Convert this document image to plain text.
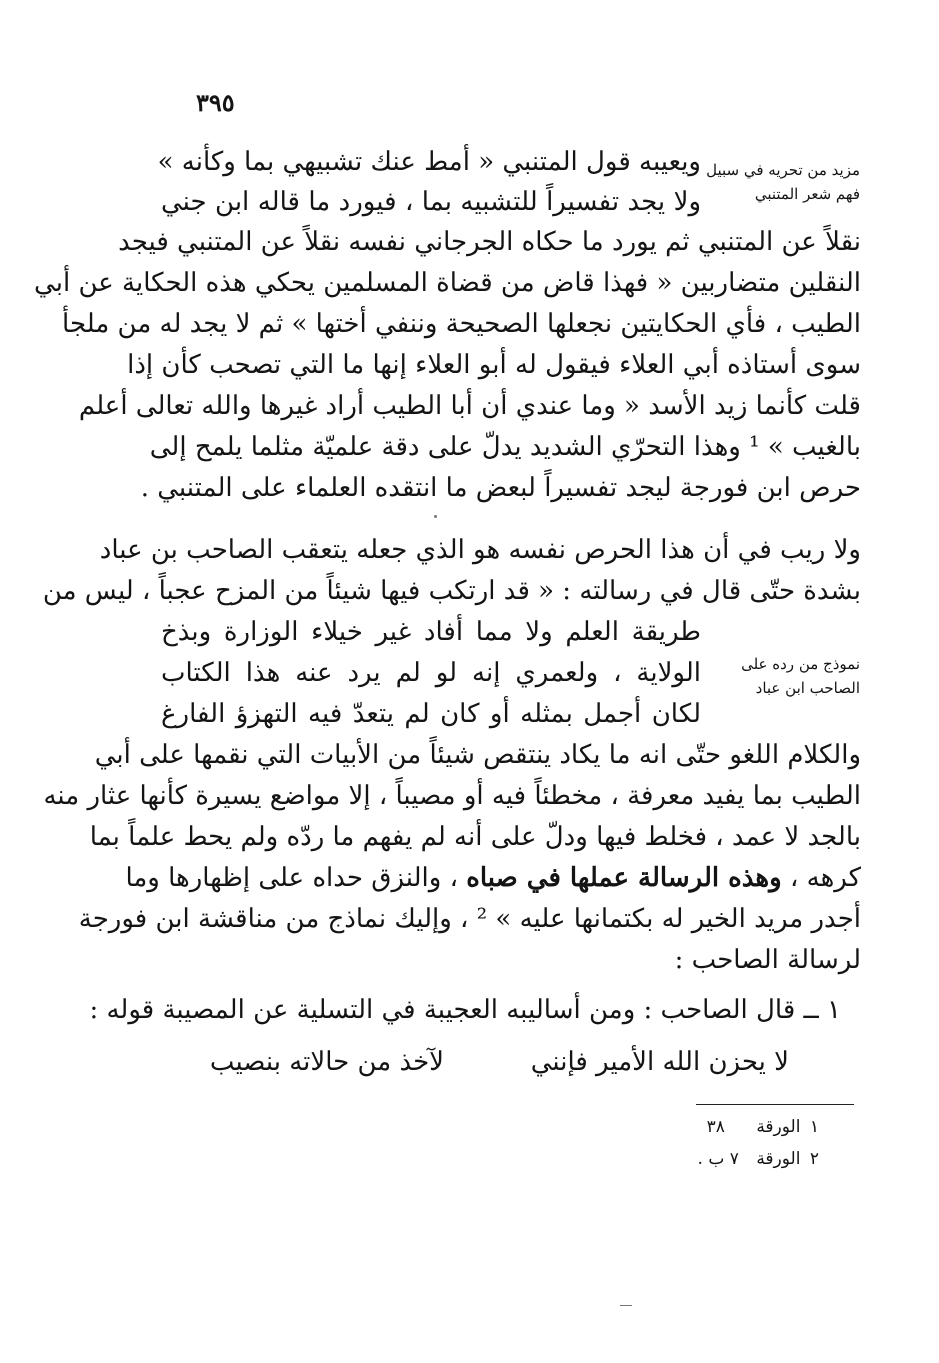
٣٩٥
مزيد من تحريه في سبيل
فهم شعر المتنبي
ويعيبه قول المتنبي « أمط عنك تشبيهي بما وكأنه »
ولا يجد تفسيراً للتشبيه بما ، فيورد ما قاله ابن جني
نقلاً عن المتنبي ثم يورد ما حكاه الجرجاني نفسه نقلاً عن المتنبي فيجد
النقلين متضاربين « فهذا قاض من قضاة المسلمين يحكي هذه الحكاية عن أبي
الطيب ، فأي الحكايتين نجعلها الصحيحة وننفي أختها » ثم لا يجد له من ملجأ
سوى أستاذه أبي العلاء فيقول له أبو العلاء إنها ما التي تصحب كأن إذا
قلت كأنما زيد الأسد « وما عندي أن أبا الطيب أراد غيرها والله تعالى أعلم
بالغيب » ¹ وهذا التحرّي الشديد يدلّ على دقة علميّة مثلما يلمح إلى
حرص ابن فورجة ليجد تفسيراً لبعض ما انتقده العلماء على المتنبي .
ولا ريب في أن هذا الحرص نفسه هو الذي جعله يتعقب الصاحب بن عباد
بشدة حتّى قال في رسالته : « قد ارتكب فيها شيئاً من المزح عجباً ، ليس من
نموذج من رده على
الصاحب ابن عباد
طريقة العلم ولا مما أفاد غير خيلاء الوزارة وبذخ
الولاية ، ولعمري إنه لو لم يرد عنه هذا الكتاب
لكان أجمل بمثله أو كان لم يتعدّ فيه التهزؤ الفارغ
والكلام اللغو حتّى انه ما يكاد ينتقص شيئاً من الأبيات التي نقمها على أبي
الطيب بما يفيد معرفة ، مخطئاً فيه أو مصيباً ، إلا مواضع يسيرة كأنها عثار منه
بالجد لا عمد ، فخلط فيها ودلّ على أنه لم يفهم ما ردّه ولم يحط علماً بما
كرهه ، وهذه الرسالة عملها في صباه ، والنزق حداه على إظهارها وما
أجدر مريد الخير له بكتمانها عليه » ² ، وإليك نماذج من مناقشة ابن فورجة
لرسالة الصاحب :
١ ــ قال الصاحب : ومن أساليبه العجيبة في التسلية عن المصيبة قوله :
لا يحزن الله الأمير فإنني
لآخذ من حالاته بنصيب
١ الورقة ٣٨
٢ الورقة ٧ ب .
